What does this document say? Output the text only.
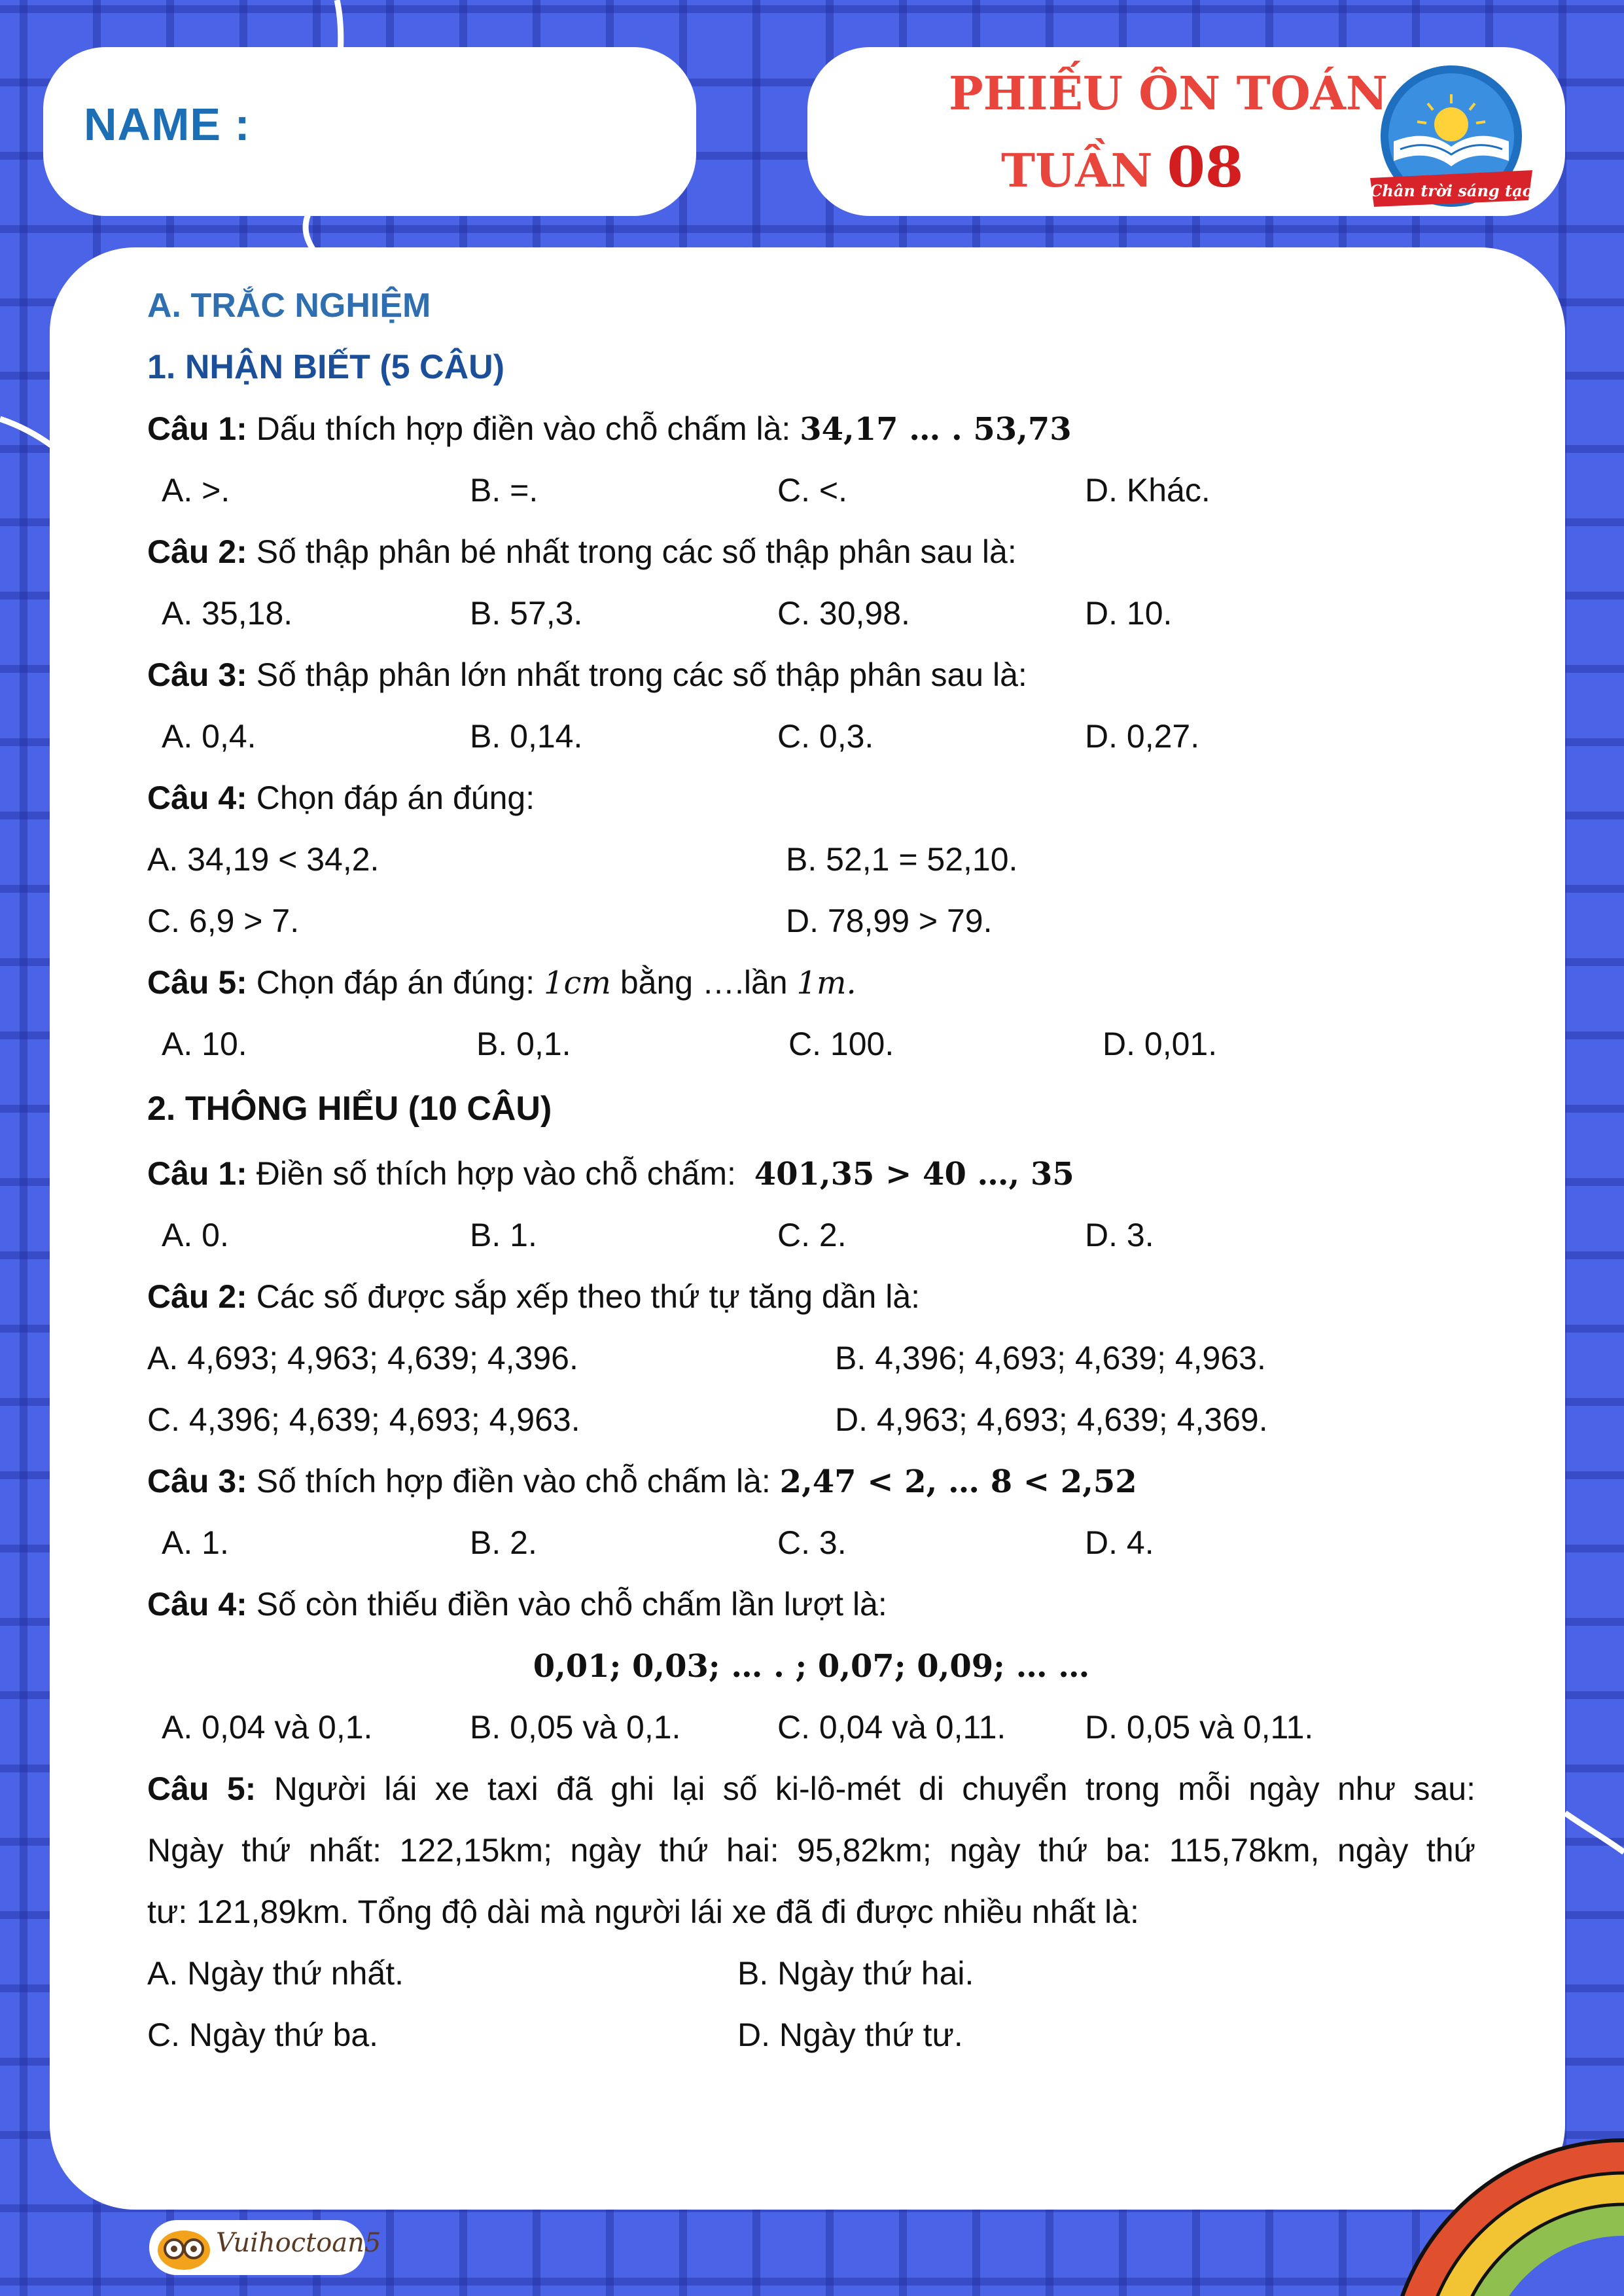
NAME :
PHIẾU ÔN TOÁN
TUẦN 08	Chân trời sáng tạo
A. TRẮC NGHIỆM
1. NHẬN BIẾT (5 CÂU)
Câu 1: Dấu thích hợp điền vào chỗ chấm là: 34,17 … . 53,73
A. >.	B. =.	C. <.	D. Khác.
Câu 2: Số thập phân bé nhất trong các số thập phân sau là:
A. 35,18.	B. 57,3.	C. 30,98.	D. 10.
Câu 3: Số thập phân lớn nhất trong các số thập phân sau là:
A. 0,4.	B. 0,14.	C. 0,3.	D. 0,27.
Câu 4: Chọn đáp án đúng:
A. 34,19 < 34,2.	B. 52,1 = 52,10.
C. 6,9 > 7.	D. 78,99 > 79.
Câu 5: Chọn đáp án đúng: 1cm bằng ….lần 1m.
A. 10.	B. 0,1.	C. 100.	D. 0,01.
2. THÔNG HIỂU (10 CÂU)
Câu 1: Điền số thích hợp vào chỗ chấm: 401,35 > 40 …, 35
A. 0.	B. 1.	C. 2.	D. 3.
Câu 2: Các số được sắp xếp theo thứ tự tăng dần là:
A. 4,693; 4,963; 4,639; 4,396.	B. 4,396; 4,693; 4,639; 4,963.
C. 4,396; 4,639; 4,693; 4,963.	D. 4,963; 4,693; 4,639; 4,369.
Câu 3: Số thích hợp điền vào chỗ chấm là: 2,47 < 2, … 8 < 2,52
A. 1.	B. 2.	C. 3.	D. 4.
Câu 4: Số còn thiếu điền vào chỗ chấm lần lượt là:
0,01; 0,03; … . ; 0,07; 0,09; … …
A. 0,04 và 0,1.	B. 0,05 và 0,1.	C. 0,04 và 0,11. D. 0,05 và 0,11.
Câu 5: Người lái xe taxi đã ghi lại số ki-lô-mét di chuyển trong mỗi ngày như sau:
Ngày thứ nhất: 122,15km; ngày thứ hai: 95,82km; ngày thứ ba: 115,78km, ngày thứ
tư: 121,89km. Tổng độ dài mà người lái xe đã đi được nhiều nhất là:
A. Ngày thứ nhất.	B. Ngày thứ hai.
C. Ngày thứ ba.	D. Ngày thứ tư.
Vuihoctoan5
